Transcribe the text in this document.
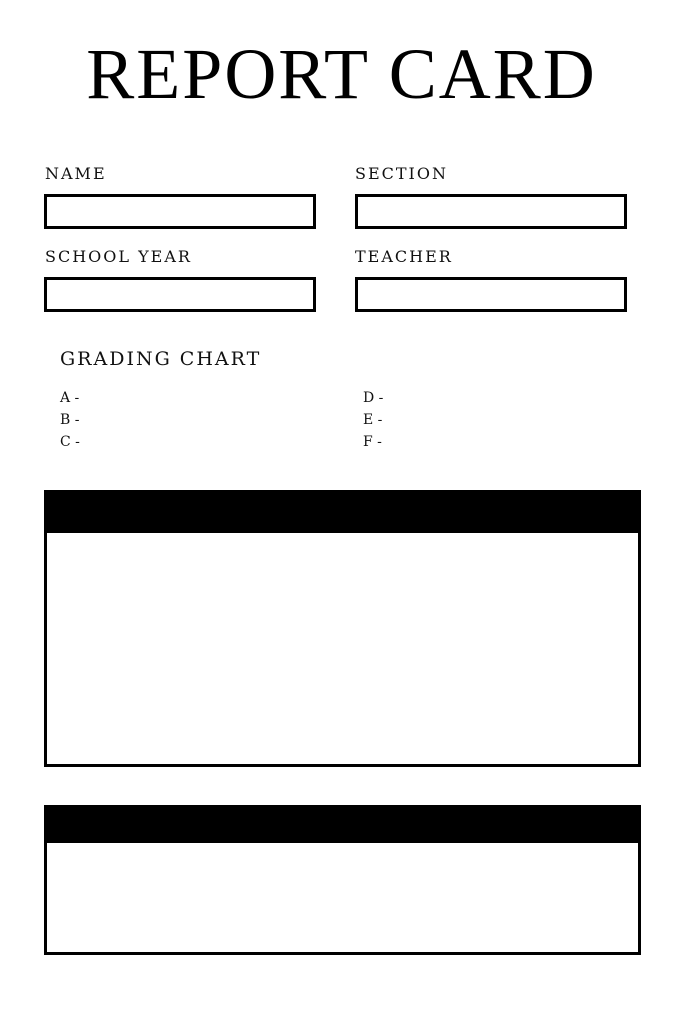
REPORT CARD
NAME	SECTION
SCHOOL YEAR	TEACHER
GRADING CHART
A -
B -
C -
D -
E -
F -
